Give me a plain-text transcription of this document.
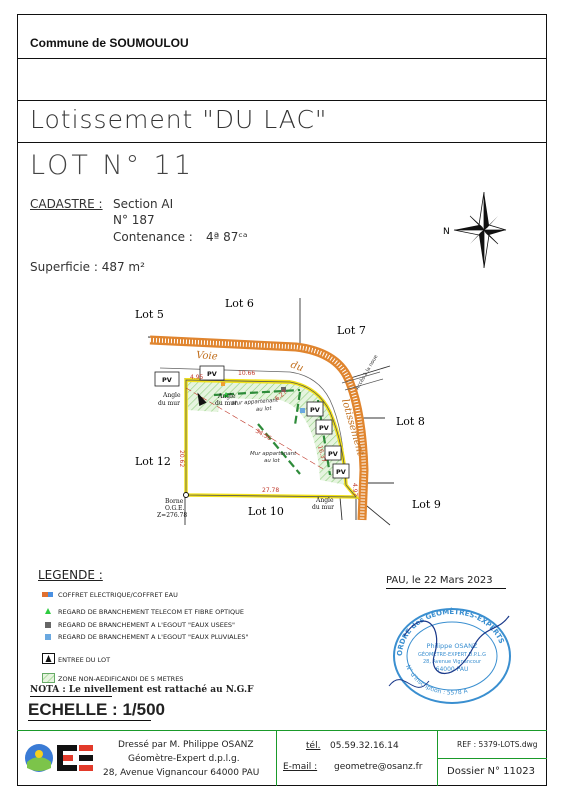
Commune de SOUMOULOU
Lotissement "DU LAC"
LOT N° 11
CADASTRE : Section AI
N° 187
Contenance : 4ª 87ᶜᵃ
Superficie : 487 m²
N
Lot 5
Lot 6
Lot 7
Lot 8
Lot 12
Lot 10
Lot 9
Voie
du
lotissement
Accès à la noue
PV
PV
PV
PV
PV
PV
Angle
du mur
Angle
du mur
Angle
du mur
Borne
O.G.E.
Z=276.78
Mur appartenant
au lot
Mur appartenant
au lot
4.95
10.66
6.27
34.56
16.37
20.62
27.78	4.97
LEGENDE :
COFFRET ELECTRIQUE/COFFRET EAU
REGARD DE BRANCHEMENT TELECOM ET FIBRE OPTIQUE
REGARD DE BRANCHEMENT A L'EGOUT "EAUX USEES"
REGARD DE BRANCHEMENT A L'EGOUT "EAUX PLUVIALES"
ENTREE DU LOT
ZONE NON-AEDIFICANDI DE 5 METRES
NOTA : Le nivellement est rattaché au N.G.F
ECHELLE : 1/500
PAU, le 22 Mars 2023
ORDRE des GÉOMÈTRES-EXPERTS
N° d'inscription : 5578 A
Philippe OSANZ
GÉOMÈTRE-EXPERT D.P.L.G
28, Avenue Vignancour
64000 PAU
Dressé par M. Philippe OSANZ
Géomètre-Expert d.p.l.g.
28, Avenue Vignancour 64000 PAU
tél. 05.59.32.16.14
E-mail : geometre@osanz.fr
REF : 5379-LOTS.dwg
Dossier N° 11023
